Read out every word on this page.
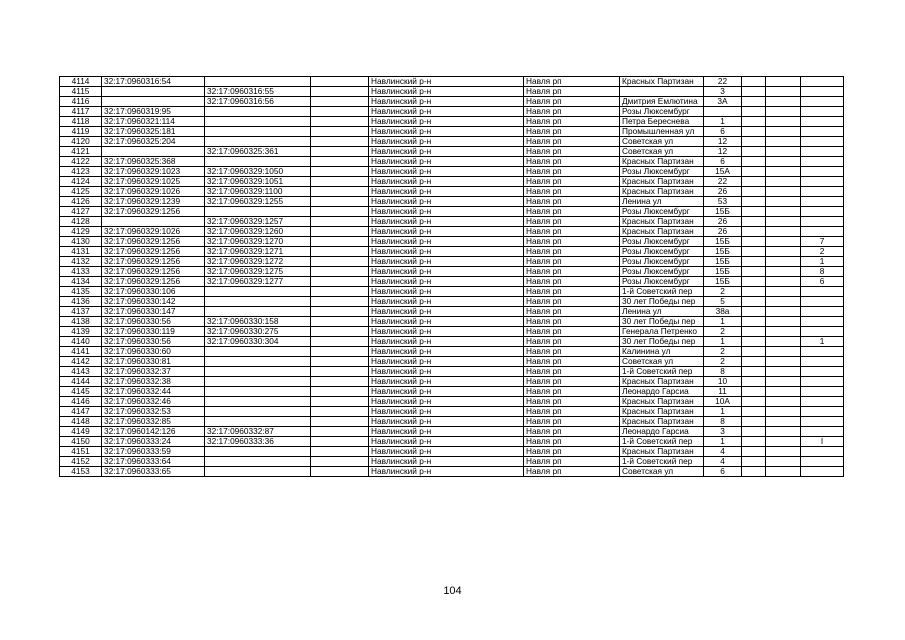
4114	32:17:0960316:54			Навлинский р-н	Навля рп	Красных Партизан	22			
4115		32:17:0960316:55		Навлинский р-н	Навля рп		3			
4116		32:17:0960316:56		Навлинский р-н	Навля рп	Дмитрия Емлютина	3А			
4117	32:17:0960319:95			Навлинский р-н	Навля рп	Розы Люксембург				
4118	32:17:0960321:114			Навлинский р-н	Навля рп	Петра Береснева	1			
4119	32:17:0960325:181			Навлинский р-н	Навля рп	Промышленная ул	6			
4120	32:17:0960325:204			Навлинский р-н	Навля рп	Советская ул	12			
4121		32:17:0960325:361		Навлинский р-н	Навля рп	Советская ул	12			
4122	32:17:0960325:368			Навлинский р-н	Навля рп	Красных Партизан	6			
4123	32:17:0960329:1023	32:17:0960329:1050		Навлинский р-н	Навля рп	Розы Люксембург	15А			
4124	32:17:0960329:1025	32:17:0960329:1051		Навлинский р-н	Навля рп	Красных Партизан	22			
4125	32:17:0960329:1026	32:17:0960329:1100		Навлинский р-н	Навля рп	Красных Партизан	26			
4126	32:17:0960329:1239	32:17:0960329:1255		Навлинский р-н	Навля рп	Ленина ул	53			
4127	32:17:0960329:1256			Навлинский р-н	Навля рп	Розы Люксембург	15Б			
4128		32:17:0960329:1257		Навлинский р-н	Навля рп	Красных Партизан	26			
4129	32:17:0960329:1026	32:17:0960329:1260		Навлинский р-н	Навля рп	Красных Партизан	26			
4130	32:17:0960329:1256	32:17:0960329:1270		Навлинский р-н	Навля рп	Розы Люксембург	15Б			7
4131	32:17:0960329:1256	32:17:0960329:1271		Навлинский р-н	Навля рп	Розы Люксембург	15Б			2
4132	32:17:0960329:1256	32:17:0960329:1272		Навлинский р-н	Навля рп	Розы Люксембург	15Б			1
4133	32:17:0960329:1256	32:17:0960329:1275		Навлинский р-н	Навля рп	Розы Люксембург	15Б			8
4134	32:17:0960329:1256	32:17:0960329:1277		Навлинский р-н	Навля рп	Розы Люксембург	15Б			6
4135	32:17:0960330:106			Навлинский р-н	Навля рп	1-й Советский пер	2			
4136	32:17:0960330:142			Навлинский р-н	Навля рп	30 лет Победы пер	5			
4137	32:17:0960330:147			Навлинский р-н	Навля рп	Ленина ул	38а			
4138	32:17:0960330:56	32:17:0960330:158		Навлинский р-н	Навля рп	30 лет Победы пер	1			
4139	32:17:0960330:119	32:17:0960330:275		Навлинский р-н	Навля рп	Генерала Петренко	2			
4140	32:17:0960330:56	32:17:0960330:304		Навлинский р-н	Навля рп	30 лет Победы пер	1			1
4141	32:17:0960330:60			Навлинский р-н	Навля рп	Калинина ул	2			
4142	32:17:0960330:81			Навлинский р-н	Навля рп	Советская ул	2			
4143	32:17:0960332:37			Навлинский р-н	Навля рп	1-й Советский пер	8			
4144	32:17:0960332:38			Навлинский р-н	Навля рп	Красных Партизан	10			
4145	32:17:0960332:44			Навлинский р-н	Навля рп	Леонардо Гарсиа	11			
4146	32:17:0960332:46			Навлинский р-н	Навля рп	Красных Партизан	10А			
4147	32:17:0960332:53			Навлинский р-н	Навля рп	Красных Партизан	1			
4148	32:17:0960332:85			Навлинский р-н	Навля рп	Красных Партизан	8			
4149	32:17:0960142:126	32:17:0960332:87		Навлинский р-н	Навля рп	Леонардо Гарсиа	3			
4150	32:17:0960333:24	32:17:0960333:36		Навлинский р-н	Навля рп	1-й Советский пер	1			I
4151	32:17:0960333:59			Навлинский р-н	Навля рп	Красных Партизан	4			
4152	32:17:0960333:64			Навлинский р-н	Навля рп	1-й Советский пер	4			
4153	32:17:0960333:65			Навлинский р-н	Навля рп	Советская ул	6			
104
